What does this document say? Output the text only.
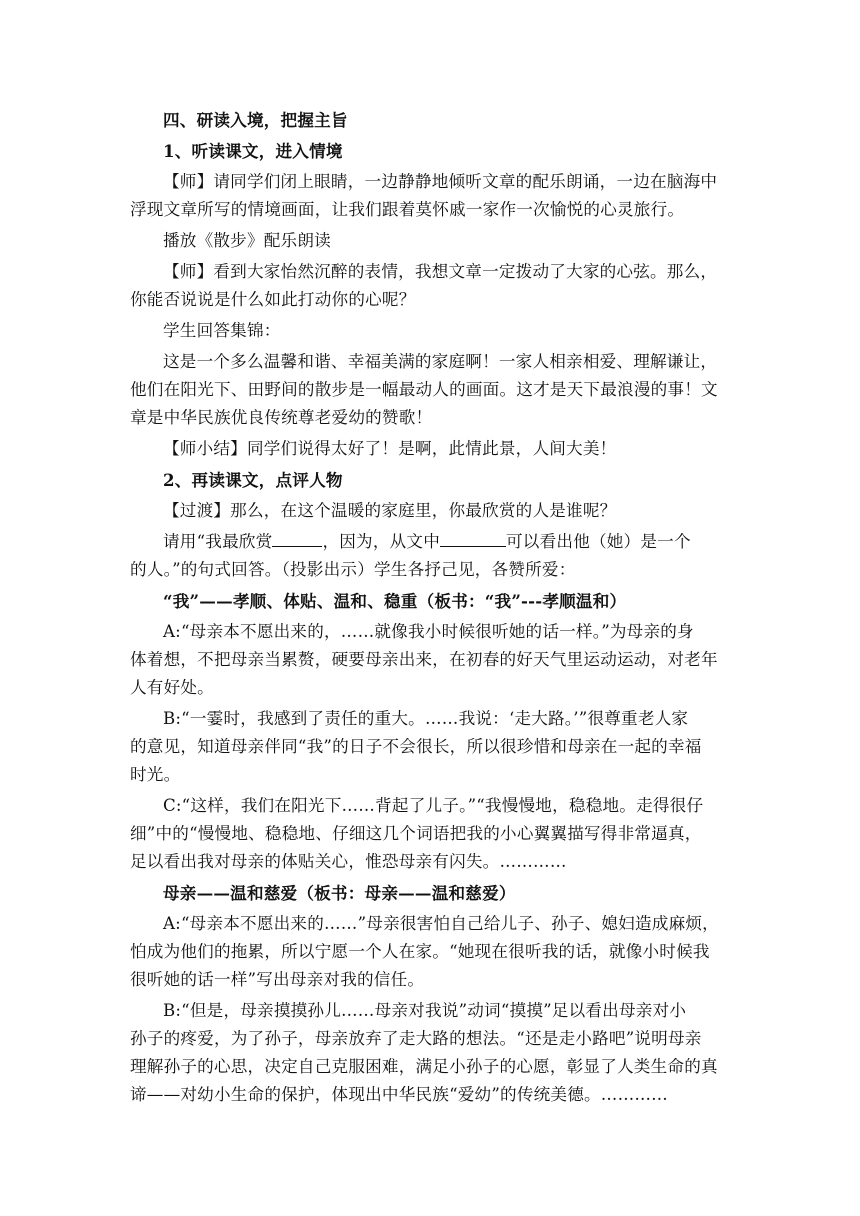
四、研读入境，把握主旨
1、听读课文，进入情境
【师】请同学们闭上眼睛，一边静静地倾听文章的配乐朗诵，一边在脑海中
浮现文章所写的情境画面，让我们跟着莫怀戚一家作一次愉悦的心灵旅行。
播放《散步》配乐朗读
【师】看到大家怡然沉醉的表情，我想文章一定拨动了大家的心弦。那么，
你能否说说是什么如此打动你的心呢？
学生回答集锦：
这是一个多么温馨和谐、幸福美满的家庭啊！一家人相亲相爱、理解谦让，
他们在阳光下、田野间的散步是一幅最动人的画面。这才是天下最浪漫的事！文
章是中华民族优良传统尊老爱幼的赞歌！
【师小结】同学们说得太好了！是啊，此情此景，人间大美！
2、再读课文，点评人物
【过渡】那么，在这个温暖的家庭里，你最欣赏的人是谁呢？
请用“我最欣赏	，因为，从文中	可以看出他（她）是一个
的人。”的句式回答。（投影出示）学生各抒己见，各赞所爱：
“我”——孝顺、体贴、温和、稳重（板书：“我”---孝顺温和）
A:“母亲本不愿出来的，……就像我小时候很听她的话一样。”为母亲的身
体着想，不把母亲当累赘，硬要母亲出来，在初春的好天气里运动运动，对老年
人有好处。
B:“一霎时，我感到了责任的重大。……我说：‘走大路。’”很尊重老人家
的意见，知道母亲伴同“我”的日子不会很长，所以很珍惜和母亲在一起的幸福
时光。
C:“这样，我们在阳光下……背起了儿子。”“我慢慢地，稳稳地。走得很仔
细”中的“慢慢地、稳稳地、仔细这几个词语把我的小心翼翼描写得非常逼真，
足以看出我对母亲的体贴关心，惟恐母亲有闪失。…………
母亲——温和慈爱（板书：母亲——温和慈爱）
A:“母亲本不愿出来的……”母亲很害怕自己给儿子、孙子、媳妇造成麻烦，
怕成为他们的拖累，所以宁愿一个人在家。“她现在很听我的话，就像小时候我
很听她的话一样”写出母亲对我的信任。
B:“但是，母亲摸摸孙儿……母亲对我说”动词“摸摸”足以看出母亲对小
孙子的疼爱，为了孙子，母亲放弃了走大路的想法。“还是走小路吧”说明母亲
理解孙子的心思，决定自己克服困难，满足小孙子的心愿，彰显了人类生命的真
谛——对幼小生命的保护，体现出中华民族“爱幼”的传统美德。…………
